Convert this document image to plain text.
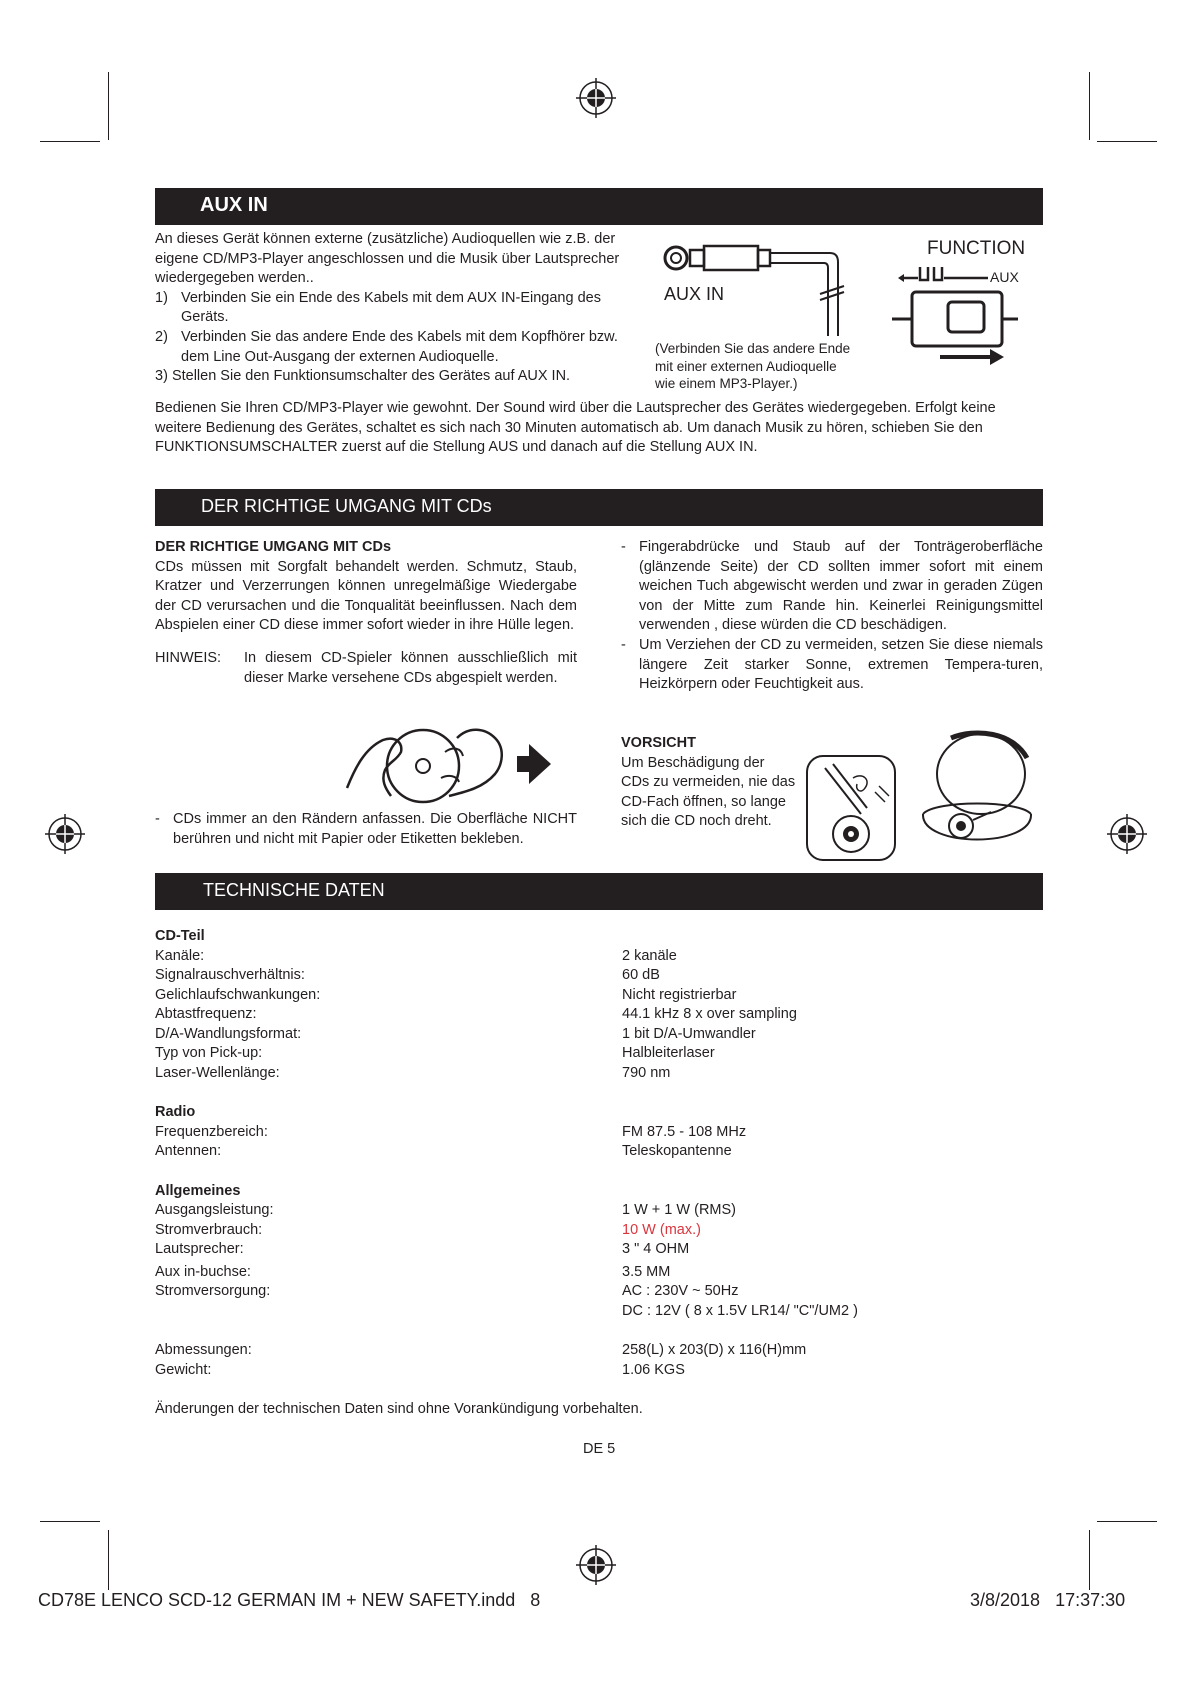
AUX IN
An dieses Gerät können externe (zusätzliche) Audioquellen wie z.B. der eigene CD/MP3-Player angeschlossen und die Musik über Lautsprecher wiedergegeben werden..
1) Verbinden Sie ein Ende des Kabels mit dem AUX IN-Eingang des Geräts.
2) Verbinden Sie das andere Ende des Kabels mit dem Kopfhörer bzw. dem Line Out-Ausgang der externen Audioquelle.
3) Stellen Sie den Funktionsumschalter des Gerätes auf AUX IN.
AUX IN
(Verbinden Sie das andere Ende
mit einer externen Audioquelle
wie einem MP3-Player.)
FUNCTION
AUX
Bedienen Sie Ihren CD/MP3-Player wie gewohnt. Der Sound wird über die Lautsprecher des Gerätes wiedergegeben. Erfolgt keine weitere Bedienung des Gerätes, schaltet es sich nach 30 Minuten automatisch ab. Um danach Musik zu hören, schieben Sie den FUNKTIONSUMSCHALTER zuerst auf die Stellung AUS und danach auf die Stellung AUX IN.
DER RICHTIGE UMGANG MIT CDs
DER RICHTIGE UMGANG MIT CDs
CDs müssen mit Sorgfalt behandelt werden. Schmutz, Staub, Kratzer und Verzerrungen können unregelmäßige Wiedergabe der CD verursachen und die Tonqualität beeinflussen. Nach dem Abspielen einer CD diese immer sofort wieder in ihre Hülle legen.
HINWEIS: In diesem CD-Spieler können ausschließlich mit dieser Marke versehene CDs abgespielt werden.
- CDs immer an den Rändern anfassen. Die Oberfläche NICHT berühren und nicht mit Papier oder Etiketten bekleben.
- Fingerabdrücke und Staub auf der Tonträgeroberfläche (glänzende Seite) der CD sollten immer sofort mit einem weichen Tuch abgewischt werden und zwar in geraden Zügen von der Mitte zum Rande hin. Keinerlei Reinigungsmittel verwenden , diese würden die CD beschädigen.
- Um Verziehen der CD zu vermeiden, setzen Sie diese niemals längere Zeit starker Sonne, extremen Tempera-turen, Heizkörpern oder Feuchtigkeit aus.
VORSICHT
Um Beschädigung der CDs zu vermeiden, nie das CD-Fach öffnen, so lange sich die CD noch dreht.
TECHNISCHE DATEN
CD-Teil
Kanäle:	2 kanäle
Signalrauschverhältnis:	60 dB
Gelichlaufschwankungen:	Nicht registrierbar
Abtastfrequenz:	44.1 kHz 8 x over sampling
D/A-Wandlungsformat:	1 bit D/A-Umwandler
Typ von Pick-up:	Halbleiterlaser
Laser-Wellenlänge:	790 nm
Radio
Frequenzbereich:	FM 87.5 - 108 MHz
Antennen:	Teleskopantenne
Allgemeines
Ausgangsleistung:	1 W + 1 W (RMS)
Stromverbrauch:	10 W (max.)
Lautsprecher:	3 " 4 OHM
Aux in-buchse:	3.5 MM
Stromversorgung:	AC : 230V ~ 50Hz
DC : 12V ( 8 x 1.5V LR14/ "C"/UM2 )
Abmessungen:	258(L) x 203(D) x 116(H)mm
Gewicht:	1.06 KGS
Änderungen der technischen Daten sind ohne Vorankündigung vorbehalten.
DE 5
CD78E LENCO SCD-12 GERMAN IM + NEW SAFETY.indd   8	3/8/2018   17:37:30
